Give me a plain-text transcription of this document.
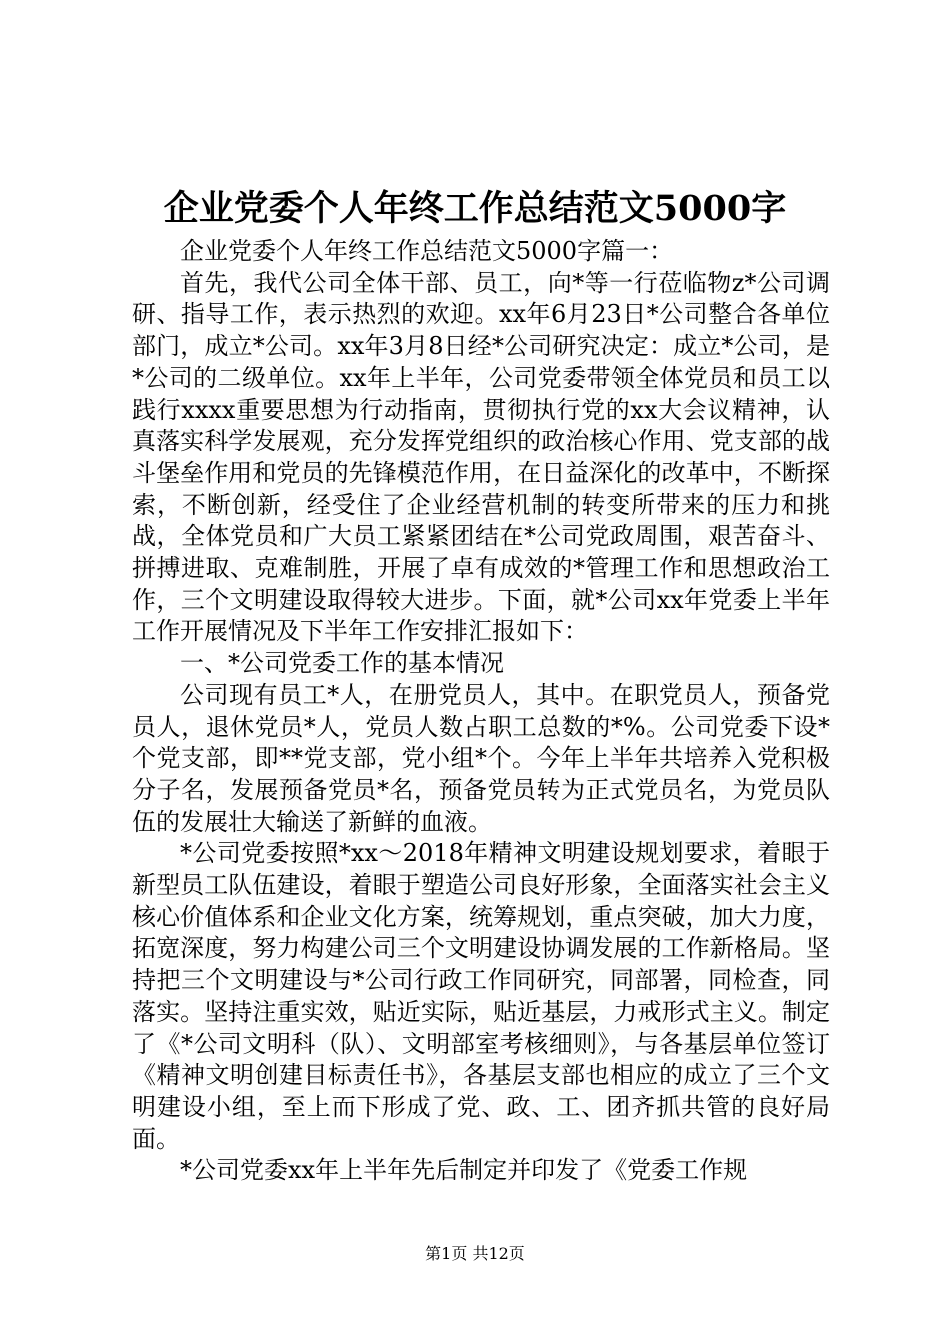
企业党委个人年终工作总结范文5000字

企业党委个人年终工作总结范文5000字篇一：

首先，我代公司全体干部、员工，向*等一行莅临物z*公司调研、指导工作，表示热烈的欢迎。xx年6月23日*公司整合各单位部门，成立*公司。xx年3月8日经*公司研究决定：成立*公司，是*公司的二级单位。xx年上半年，公司党委带领全体党员和员工以践行xxxx重要思想为行动指南，贯彻执行党的xx大会议精神，认真落实科学发展观，充分发挥党组织的政治核心作用、党支部的战斗堡垒作用和党员的先锋模范作用，在日益深化的改革中，不断探索，不断创新，经受住了企业经营机制的转变所带来的压力和挑战，全体党员和广大员工紧紧团结在*公司党政周围，艰苦奋斗、拼搏进取、克难制胜，开展了卓有成效的*管理工作和思想政治工作，三个文明建设取得较大进步。下面，就*公司xx年党委上半年工作开展情况及下半年工作安排汇报如下：

一、*公司党委工作的基本情况

公司现有员工*人，在册党员人，其中。在职党员人，预备党员人，退休党员*人，党员人数占职工总数的*%。公司党委下设*个党支部，即**党支部，党小组*个。今年上半年共培养入党积极分子名，发展预备党员*名，预备党员转为正式党员名，为党员队伍的发展壮大输送了新鲜的血液。

*公司党委按照*xx～2018年精神文明建设规划要求，着眼于新型员工队伍建设，着眼于塑造公司良好形象，全面落实社会主义核心价值体系和企业文化方案，统筹规划，重点突破，加大力度，拓宽深度，努力构建公司三个文明建设协调发展的工作新格局。坚持把三个文明建设与*公司行政工作同研究，同部署，同检查，同落实。坚持注重实效，贴近实际，贴近基层，力戒形式主义。制定了《*公司文明科（队）、文明部室考核细则》，与各基层单位签订《精神文明创建目标责任书》，各基层支部也相应的成立了三个文明建设小组，至上而下形成了党、政、工、团齐抓共管的良好局面。

*公司党委xx年上半年先后制定并印发了《党委工作规

第1页 共12页
